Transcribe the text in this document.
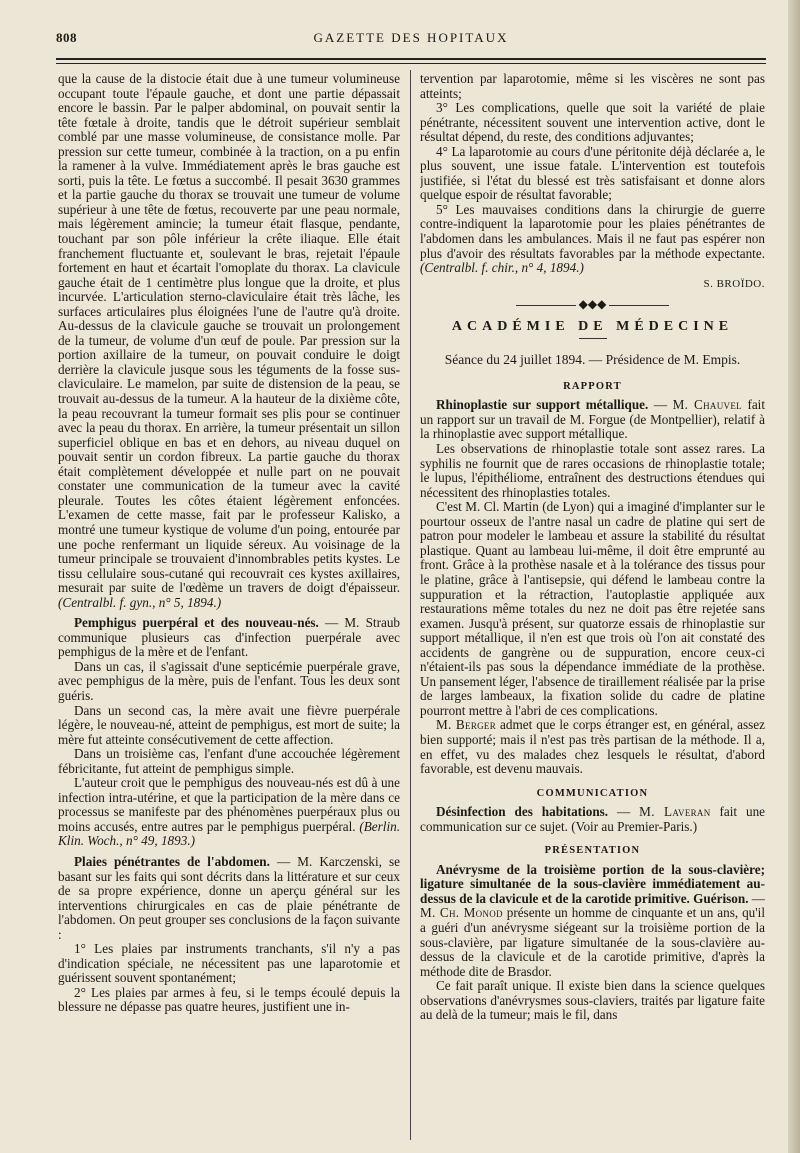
808	GAZETTE DES HOPITAUX

que la cause de la distocie était due à une tumeur volumineuse occupant toute l'épaule gauche, et dont une partie dépassait encore le bassin. Par le palper abdominal, on pouvait sentir la tête fœtale à droite, tandis que le détroit supérieur semblait comblé par une masse volumineuse, de consistance molle. Par pression sur cette tumeur, combinée à la traction, on a pu enfin la ramener à la vulve. Immédiatement après le bras gauche est sorti, puis la tête. Le fœtus a succombé. Il pesait 3630 grammes et la partie gauche du thorax se trouvait une tumeur de volume supérieur à une tête de fœtus, recouverte par une peau normale, mais légèrement amincie; la tumeur était flasque, pendante, touchant par son pôle inférieur la crête iliaque. Elle était franchement fluctuante et, soulevant le bras, rejetait l'épaule fortement en haut et écartait l'omoplate du thorax. La clavicule gauche était de 1 centimètre plus longue que la droite, et plus incurvée. L'articulation sterno-claviculaire était très lâche, les surfaces articulaires plus éloignées l'une de l'autre qu'à droite. Au-dessus de la clavicule gauche se trouvait un prolongement de la tumeur, de volume d'un œuf de poule. Par pression sur la portion axillaire de la tumeur, on pouvait conduire le doigt derrière la clavicule jusque sous les téguments de la fosse sus-claviculaire. Le mamelon, par suite de distension de la peau, se trouvait au-dessus de la tumeur. A la hauteur de la dixième côte, la peau recouvrant la tumeur formait ses plis pour se continuer avec la peau du thorax. En arrière, la tumeur présentait un sillon superficiel oblique en bas et en dehors, au niveau duquel on pouvait sentir un cordon fibreux. La partie gauche du thorax était complètement développée et nulle part on ne pouvait constater une communication de la tumeur avec la cavité pleurale. Toutes les côtes étaient légèrement enfoncées. L'examen de cette masse, fait par le professeur Kalisko, a montré une tumeur kystique de volume d'un poing, entourée par une poche renfermant un liquide séreux. Au voisinage de la tumeur principale se trouvaient d'innombrables petits kystes. Le tissu cellulaire sous-cutané qui recouvrait ces kystes axillaires, mesurait par suite de l'œdème un travers de doigt d'épaisseur. (Centralbl. f. gyn., n° 5, 1894.)

Pemphigus puerpéral et des nouveau-nés. — M. Straub communique plusieurs cas d'infection puerpérale avec pemphigus de la mère et de l'enfant.

Dans un cas, il s'agissait d'une septicémie puerpérale grave, avec pemphigus de la mère, puis de l'enfant. Tous les deux sont guéris.

Dans un second cas, la mère avait une fièvre puerpérale légère, le nouveau-né, atteint de pemphigus, est mort de suite; la mère fut atteinte consécutivement de cette affection.

Dans un troisième cas, l'enfant d'une accouchée légèrement fébricitante, fut atteint de pemphigus simple.

L'auteur croit que le pemphigus des nouveau-nés est dû à une infection intra-utérine, et que la participation de la mère dans ce processus se manifeste par des phénomènes puerpéraux plus ou moins accusés, entre autres par le pemphigus puerpéral. (Berlin. Klin. Woch., n° 49, 1893.)

Plaies pénétrantes de l'abdomen. — M. Karczenski, se basant sur les faits qui sont décrits dans la littérature et sur ceux de sa propre expérience, donne un aperçu général sur les interventions chirurgicales en cas de plaie pénétrante de l'abdomen. On peut grouper ses conclusions de la façon suivante :

1° Les plaies par instruments tranchants, s'il n'y a pas d'indication spéciale, ne nécessitent pas une laparotomie et guérissent souvent spontanément;

2° Les plaies par armes à feu, si le temps écoulé depuis la blessure ne dépasse pas quatre heures, justifient une in-

tervention par laparotomie, même si les viscères ne sont pas atteints;

3° Les complications, quelle que soit la variété de plaie pénétrante, nécessitent souvent une intervention active, dont le résultat dépend, du reste, des conditions adjuvantes;

4° La laparotomie au cours d'une péritonite déjà déclarée a, le plus souvent, une issue fatale. L'intervention est toutefois justifiée, si l'état du blessé est très satisfaisant et donne alors quelque espoir de résultat favorable;

5° Les mauvaises conditions dans la chirurgie de guerre contre-indiquent la laparotomie pour les plaies pénétrantes de l'abdomen dans les ambulances. Mais il ne faut pas espérer non plus d'avoir des résultats favorables par la méthode expectante. (Centralbl. f. chir., n° 4, 1894.)

S. BROÏDO.
◆◆◆
ACADÉMIE DE MÉDECINE
Séance du 24 juillet 1894. — Présidence de M. Empis.
RAPPORT

Rhinoplastie sur support métallique. — M. Chauvel fait un rapport sur un travail de M. Forgue (de Montpellier), relatif à la rhinoplastie avec support métallique.

Les observations de rhinoplastie totale sont assez rares. La syphilis ne fournit que de rares occasions de rhinoplastie totale; le lupus, l'épithéliome, entraînent des destructions étendues qui nécessitent des rhinoplasties totales.

C'est M. Cl. Martin (de Lyon) qui a imaginé d'implanter sur le pourtour osseux de l'antre nasal un cadre de platine qui sert de patron pour modeler le lambeau et assure la stabilité du résultat plastique. Quant au lambeau lui-même, il doit être emprunté au front. Grâce à la prothèse nasale et à la tolérance des tissus pour le platine, grâce à l'antisepsie, qui défend le lambeau contre la suppuration et la rétraction, l'autoplastie appliquée aux restaurations même totales du nez ne doit pas être rejetée sans examen. Jusqu'à présent, sur quatorze essais de rhinoplastie sur support métallique, il n'en est que trois où l'on ait constaté des accidents de gangrène ou de suppuration, encore ceux-ci n'étaient-ils pas sous la dépendance immédiate de la prothèse. Un pansement léger, l'absence de tiraillement réalisée par la prise de larges lambeaux, la fixation solide du cadre de platine pourront mettre à l'abri de ces complications.

M. Berger admet que le corps étranger est, en général, assez bien supporté; mais il n'est pas très partisan de la méthode. Il a, en effet, vu des malades chez lesquels le résultat, d'abord favorable, est devenu mauvais.

COMMUNICATION

Désinfection des habitations. — M. Laveran fait une communication sur ce sujet. (Voir au Premier-Paris.)

PRÉSENTATION

Anévrysme de la troisième portion de la sous-clavière; ligature simultanée de la sous-clavière immédiatement au-dessus de la clavicule et de la carotide primitive. Guérison. — M. Ch. Monod présente un homme de cinquante et un ans, qu'il a guéri d'un anévrysme siégeant sur la troisième portion de la sous-clavière, par ligature simultanée de la sous-clavière au-dessus de la clavicule et de la carotide primitive, d'après la méthode dite de Brasdor.

Ce fait paraît unique. Il existe bien dans la science quelques observations d'anévrysmes sous-claviers, traités par ligature faite au delà de la tumeur; mais le fil, dans
